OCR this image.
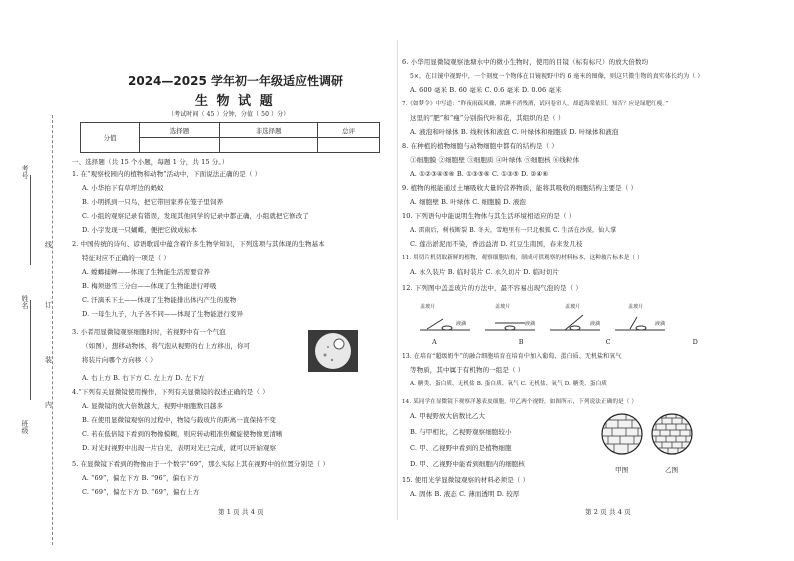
考号
姓名
班级
线
订
装
内
2024—2025 学年初一年级适应性调研
生 物 试 题
（考试时间（ 45 ）分钟，分值（ 50 ）分）
分值	选择题	非选择题	总评

一、选择题（共 15 个小题，每题 1 分，共 15 分。）
1. 在“观察校园内的植物和动物”活动中，下面说法正确的是（ ）
A. 小华拍下有草坪边的蚂蚁
B. 小明抓到一只鸟，把它带回家养在笼子里饲养
C. 小组的观察记录有错误，发现其他同学的记录中都正确，小组就把它修改了
D. 小宇发现一只蝴蝶，便把它做成标本
2. 中国传统的诗句、谚语歌谣中蕴含着许多生物学知识，下列选项与其体现的生物基本
特征对应不正确的一项是（ ）
A. 螳螂捕蝉——体现了生物能生活需要营养
B. 梅须逊雪三分白——体现了生物能进行呼吸
C. 汗滴禾下土——体现了生物能排出体内产生的废物
D. 一母生九子，九子各不同——体现了生物能进行变异
3. 小者用显微镜观察细胞时时，若视野中有一个气泡
（如图），想移动物体，将气泡从视野的右上方移出，你可
将装片向哪个方向移（ ）
A. 右上方 B. 右下方 C. 左上方 D. 左下方
4.“下列有关显微镜使用操作，下列有关显微镜的叙述正确的是（ ）
A. 显微镜的放大倍数越大，视野中细胞数目越多
B. 在使用显微镜观察的过程中，物镜与载玻片的距离一直保持不变
C. 若在低倍镜下看到的物像模糊，则应转动粗准焦螺旋使物像更清晰
D. 对光时视野中出现一片白光，表明对光已完成，就可以开始观察
5. 在显微镜下看到的物像由于一个数字“69”，那么实际上其在视野中的位置分别是（ ）
A. “69”，偏左下方 B. “96”，偏右下方
C. “69”，偏左下方 D. “69”，偏右上方
第 1 页 共 4 页
6. 小华用显微镜观察池塘水中的微小生物时，使用的目镜（标有标尺）的放大倍数均
5×，在目镜中视野中，一个刻度一个物体在目镜视野中约 6 毫米的图像，则这只微生物的真实体长约为（ ）
A. 600 毫米 B. 60 毫米 C. 0.6 毫米 D. 0.06 毫米
7.《如梦令》中写道：“昨夜雨疏风骤，浓睡不消残酒，试问卷帘人，却道海棠依旧。知否？应是绿肥红瘦。”
这里的“肥”和“瘦”分别指代叶和花，其组织的是（ ）
A. 液泡和叶绿体 B. 线粒体和液泡 C. 叶绿体和细胞质 D. 叶绿体和液泡
8. 在种植的植物细胞与动物细胞中都有的结构是（ ）
①细胞膜 ②细胞壁 ③细胞质 ④叶绿体 ⑤细胞核 ⑥线粒体
A. ①②③④⑤⑥ B. ①③⑤⑥ C. ①③⑤ D. ②④⑥
9. 植物的根能通过土壤吸收大量的营养物质，能将其吸收的细胞结构主要是（ ）
A. 细胞壁 B. 叶绿体 C. 细胞膜 D. 液泡
10. 下列语句中能说明生物体与其生活环境相适应的是（ ）
A. 雷雨后，树枝断裂 B. 冬天，雪地里有一只北极狐 C. 生活在沙漠，仙人掌
C. 莲出淤泥而不染，香远益清 D. 红豆生南国，春来发几枝
11. 用切片机切取新鲜的植物，观察细胞结构，制成可供观察的材料标本，这种玻片标本是（ ）
A. 永久装片 B. 临时装片 C. 永久切片 D. 临时切片
12. 下列图中盖盖玻片的方法中，最不容易出现气泡的是（ ）
盖玻片
液滴
盖玻片
液滴
盖玻片
液滴
盖玻片
液滴
A B C D
13. 在培育“超级奶牛”的融合细胞培育在培育中加入葡萄、蛋白质、无机盐和氧气
等物质，其中属于有机物的一组是（ ）
A. 糖类、蛋白质、无机盐 B. 蛋白质、氧气 C. 无机盐、氧气 D. 糖类、蛋白质
14. 某同学在显微镜下观察洋葱表皮细胞，甲乙两个视野，如图所示，下列说法正确的是（ ）
A. 甲视野放大倍数比乙大
B. 与甲相比，乙视野观察细胞较小
C. 甲、乙视野中看到的是植物细胞
D. 甲、乙视野中能看到细胞内的细胞核
15. 使用光学显微镜观察的材料必须是（ ）
A. 固体 B. 液态 C. 薄而透明 D. 较厚
甲图	乙图
第 2 页 共 4 页
